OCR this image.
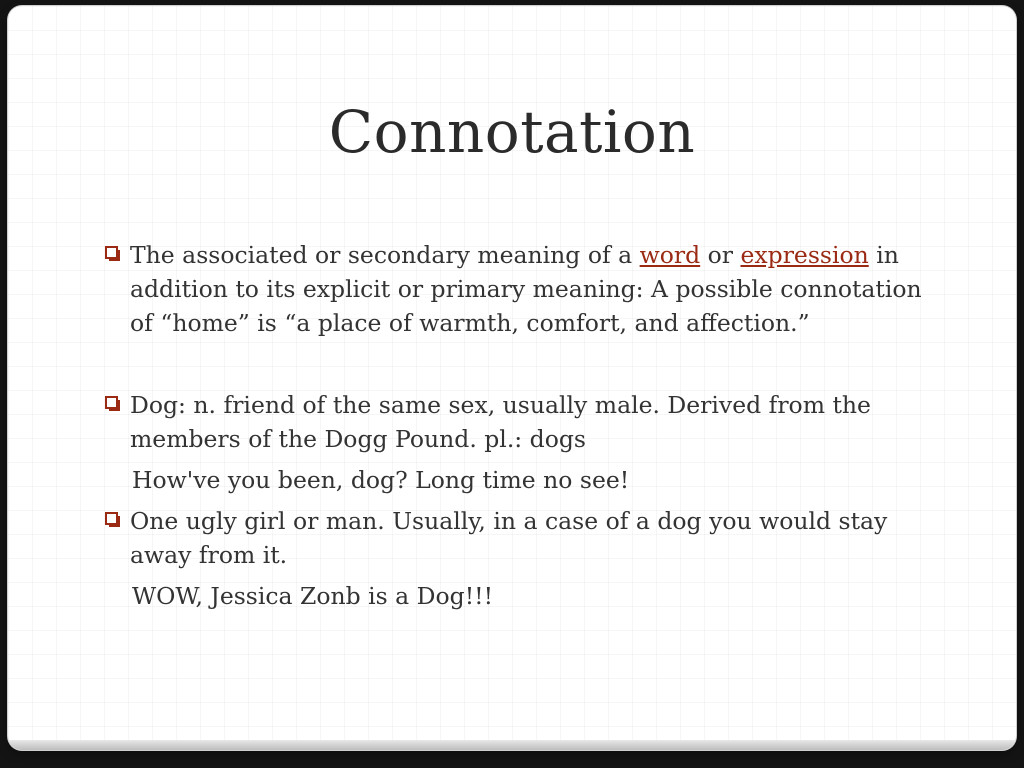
Connotation

The associated or secondary meaning of a word or expression in addition to its explicit or primary meaning: A possible connotation of “home” is “a place of warmth, comfort, and affection.”

Dog: n. friend of the same sex, usually male. Derived from the members of the Dogg Pound. pl.: dogs

How've you been, dog? Long time no see!

One ugly girl or man. Usually, in a case of a dog you would stay away from it.

WOW, Jessica Zonb is a Dog!!!
